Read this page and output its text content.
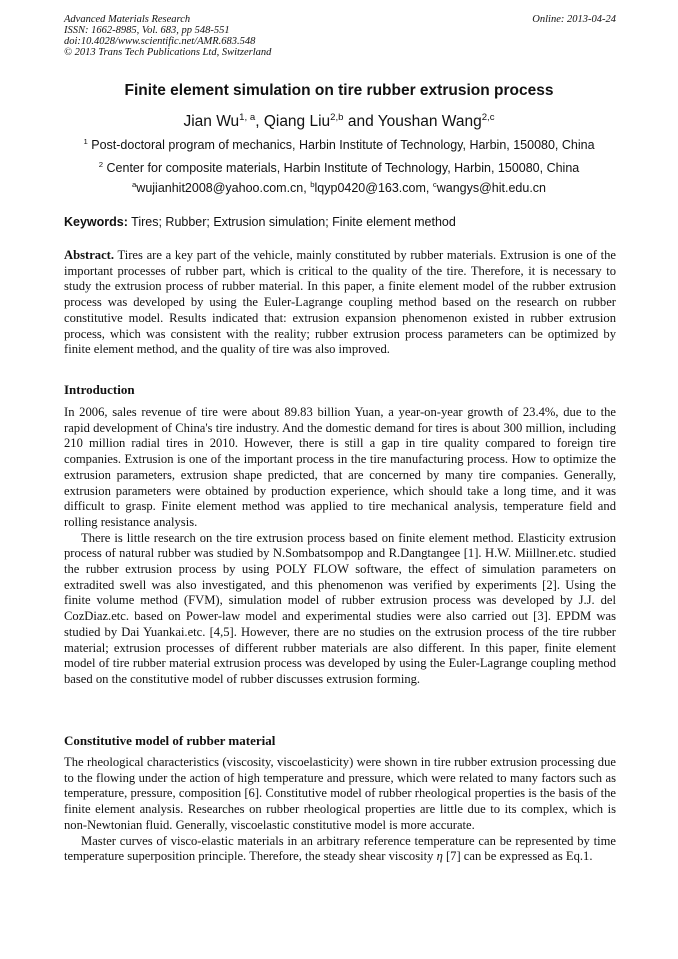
Advanced Materials Research
ISSN: 1662-8985, Vol. 683, pp 548-551
doi:10.4028/www.scientific.net/AMR.683.548
© 2013 Trans Tech Publications Ltd, Switzerland
Online: 2013-04-24
Finite element simulation on tire rubber extrusion process
Jian Wu$^{1, a}$, Qiang Liu$^{2,b}$ and Youshan Wang$^{2,c}$
$^1$ Post-doctoral program of mechanics, Harbin Institute of Technology, Harbin, 150080, China
$^2$ Center for composite materials, Harbin Institute of Technology, Harbin, 150080, China
$^a$wujianhit2008@yahoo.com.cn, $^b$lqyp0420@163.com, $^c$wangys@hit.edu.cn
Keywords: Tires; Rubber; Extrusion simulation; Finite element method

Abstract. Tires are a key part of the vehicle, mainly constituted by rubber materials. Extrusion is one of the important processes of rubber part, which is critical to the quality of the tire. Therefore, it is necessary to study the extrusion process of rubber material. In this paper, a finite element model of the rubber extrusion process was developed by using the Euler-Lagrange coupling method based on the research on rubber constitutive model. Results indicated that: extrusion expansion phenomenon existed in rubber extrusion process, which was consistent with the reality; rubber extrusion process parameters can be optimized by finite element method, and the quality of tire was also improved.

Introduction

In 2006, sales revenue of tire were about 89.83 billion Yuan, a year-on-year growth of 23.4%, due to the rapid development of China's tire industry. And the domestic demand for tires is about 300 million, including 210 million radial tires in 2010. However, there is still a gap in tire quality compared to foreign tire companies. Extrusion is one of the important process in the tire manufacturing process. How to optimize the extrusion parameters, extrusion shape predicted, that are concerned by many tire companies. Generally, extrusion parameters were obtained by production experience, which should take a long time, and it was difficult to grasp. Finite element method was applied to tire mechanical analysis, temperature field and rolling resistance analysis.

There is little research on the tire extrusion process based on finite element method. Elasticity extrusion process of natural rubber was studied by N.Sombatsompop and R.Dangtangee [1]. H.W. Miillner.etc. studied the rubber extrusion process by using POLY FLOW software, the effect of simulation parameters on extradited swell was also investigated, and this phenomenon was verified by experiments [2]. Using the finite volume method (FVM), simulation model of rubber extrusion process was developed by J.J. del CozDiaz.etc. based on Power-law model and experimental studies were also carried out [3]. EPDM was studied by Dai Yuankai.etc. [4,5]. However, there are no studies on the extrusion process of the tire rubber material; extrusion processes of different rubber materials are also different. In this paper, finite element model of tire rubber material extrusion process was developed by using the Euler-Lagrange coupling method based on the constitutive model of rubber discusses extrusion forming.

Constitutive model of rubber material

The rheological characteristics (viscosity, viscoelasticity) were shown in tire rubber extrusion processing due to the flowing under the action of high temperature and pressure, which were related to many factors such as temperature, pressure, composition [6]. Constitutive model of rubber rheological properties is the basis of the finite element analysis. Researches on rubber rheological properties are little due to its complex, which is non-Newtonian fluid. Generally, viscoelastic constitutive model is more accurate.

Master curves of visco-elastic materials in an arbitrary reference temperature can be represented by time temperature superposition principle. Therefore, the steady shear viscosity η [7] can be expressed as Eq.1.
